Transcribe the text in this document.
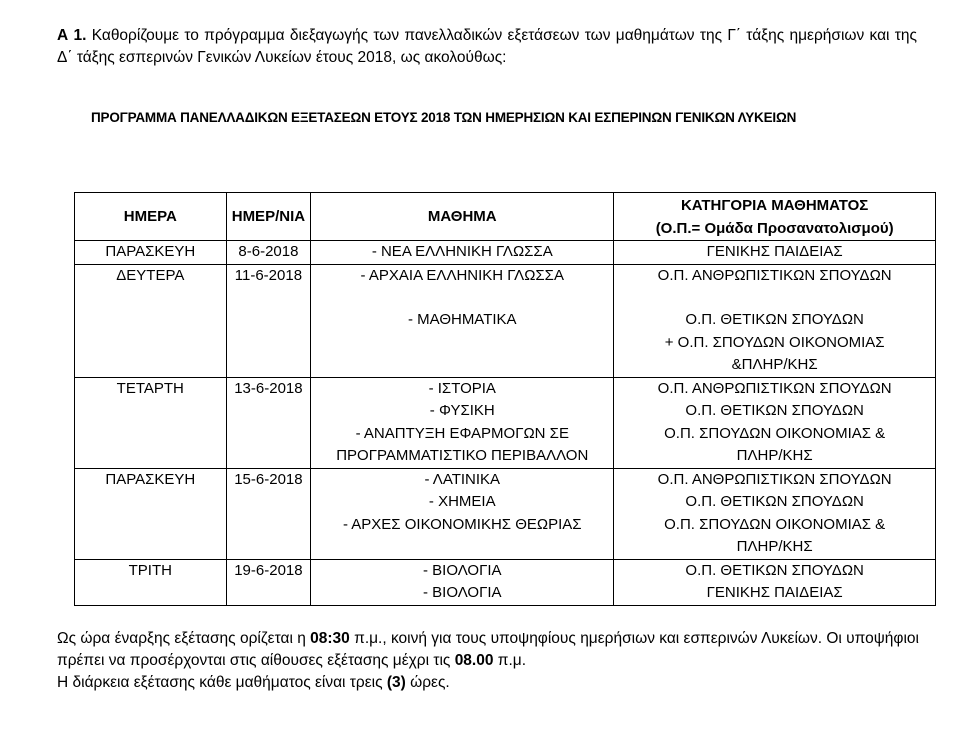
Α 1. Καθορίζουμε το πρόγραμμα διεξαγωγής των πανελλαδικών εξετάσεων των μαθημάτων της Γ΄ τάξης ημερήσιων και της Δ΄ τάξης εσπερινών Γενικών Λυκείων έτους 2018, ως ακολούθως:
ΠΡΟΓΡΑΜΜΑ ΠΑΝΕΛΛΑΔΙΚΩΝ ΕΞΕΤΑΣΕΩΝ ΕΤΟΥΣ 2018 ΤΩΝ ΗΜΕΡΗΣΙΩΝ ΚΑΙ ΕΣΠΕΡΙΝΩΝ ΓΕΝΙΚΩΝ ΛΥΚΕΙΩΝ
ΗΜΕΡΑ	ΗΜΕΡ/ΝΙΑ	ΜΑΘΗΜΑ	ΚΑΤΗΓΟΡΙΑ ΜΑΘΗΜΑΤΟΣ
(Ο.Π.= Ομάδα Προσανατολισμού)

ΠΑΡΑΣΚΕΥΗ	8-6-2018	- ΝΕΑ ΕΛΛΗΝΙΚΗ ΓΛΩΣΣΑ	ΓΕΝΙΚΗΣ ΠΑΙΔΕΙΑΣ

ΔΕΥΤΕΡΑ	11-6-2018	- ΑΡΧΑΙΑ ΕΛΛΗΝΙΚΗ ΓΛΩΣΣΑ
- ΜΑΘΗΜΑΤΙΚΑ	Ο.Π. ΑΝΘΡΩΠΙΣΤΙΚΩΝ ΣΠΟΥΔΩΝ
Ο.Π. ΘΕΤΙΚΩΝ ΣΠΟΥΔΩΝ
+ Ο.Π. ΣΠΟΥΔΩΝ ΟΙΚΟΝΟΜΙΑΣ
&ΠΛΗΡ/ΚΗΣ

ΤΕΤΑΡΤΗ	13-6-2018	- ΙΣΤΟΡΙΑ
- ΦΥΣΙΚΗ
- ΑΝΑΠΤΥΞΗ ΕΦΑΡΜΟΓΩΝ ΣΕ
ΠΡΟΓΡΑΜΜΑΤΙΣΤΙΚΟ ΠΕΡΙΒΑΛΛΟΝ	Ο.Π. ΑΝΘΡΩΠΙΣΤΙΚΩΝ ΣΠΟΥΔΩΝ
Ο.Π. ΘΕΤΙΚΩΝ ΣΠΟΥΔΩΝ
Ο.Π. ΣΠΟΥΔΩΝ ΟΙΚΟΝΟΜΙΑΣ &
ΠΛΗΡ/ΚΗΣ

ΠΑΡΑΣΚΕΥΗ	15-6-2018	- ΛΑΤΙΝΙΚΑ
- ΧΗΜΕΙΑ
- ΑΡΧΕΣ ΟΙΚΟΝΟΜΙΚΗΣ ΘΕΩΡΙΑΣ	Ο.Π. ΑΝΘΡΩΠΙΣΤΙΚΩΝ ΣΠΟΥΔΩΝ
Ο.Π. ΘΕΤΙΚΩΝ ΣΠΟΥΔΩΝ
Ο.Π. ΣΠΟΥΔΩΝ ΟΙΚΟΝΟΜΙΑΣ &
ΠΛΗΡ/ΚΗΣ

ΤΡΙΤΗ	19-6-2018	- ΒΙΟΛΟΓΙΑ
- ΒΙΟΛΟΓΙΑ	Ο.Π. ΘΕΤΙΚΩΝ ΣΠΟΥΔΩΝ
ΓΕΝΙΚΗΣ ΠΑΙΔΕΙΑΣ
Ως ώρα έναρξης εξέτασης ορίζεται η 08:30 π.μ., κοινή για τους υποψηφίους ημερήσιων και εσπερινών Λυκείων. Οι υποψήφιοι πρέπει να προσέρχονται στις αίθουσες εξέτασης μέχρι τις 08.00 π.μ.
Η διάρκεια εξέτασης κάθε μαθήματος είναι τρεις (3) ώρες.
